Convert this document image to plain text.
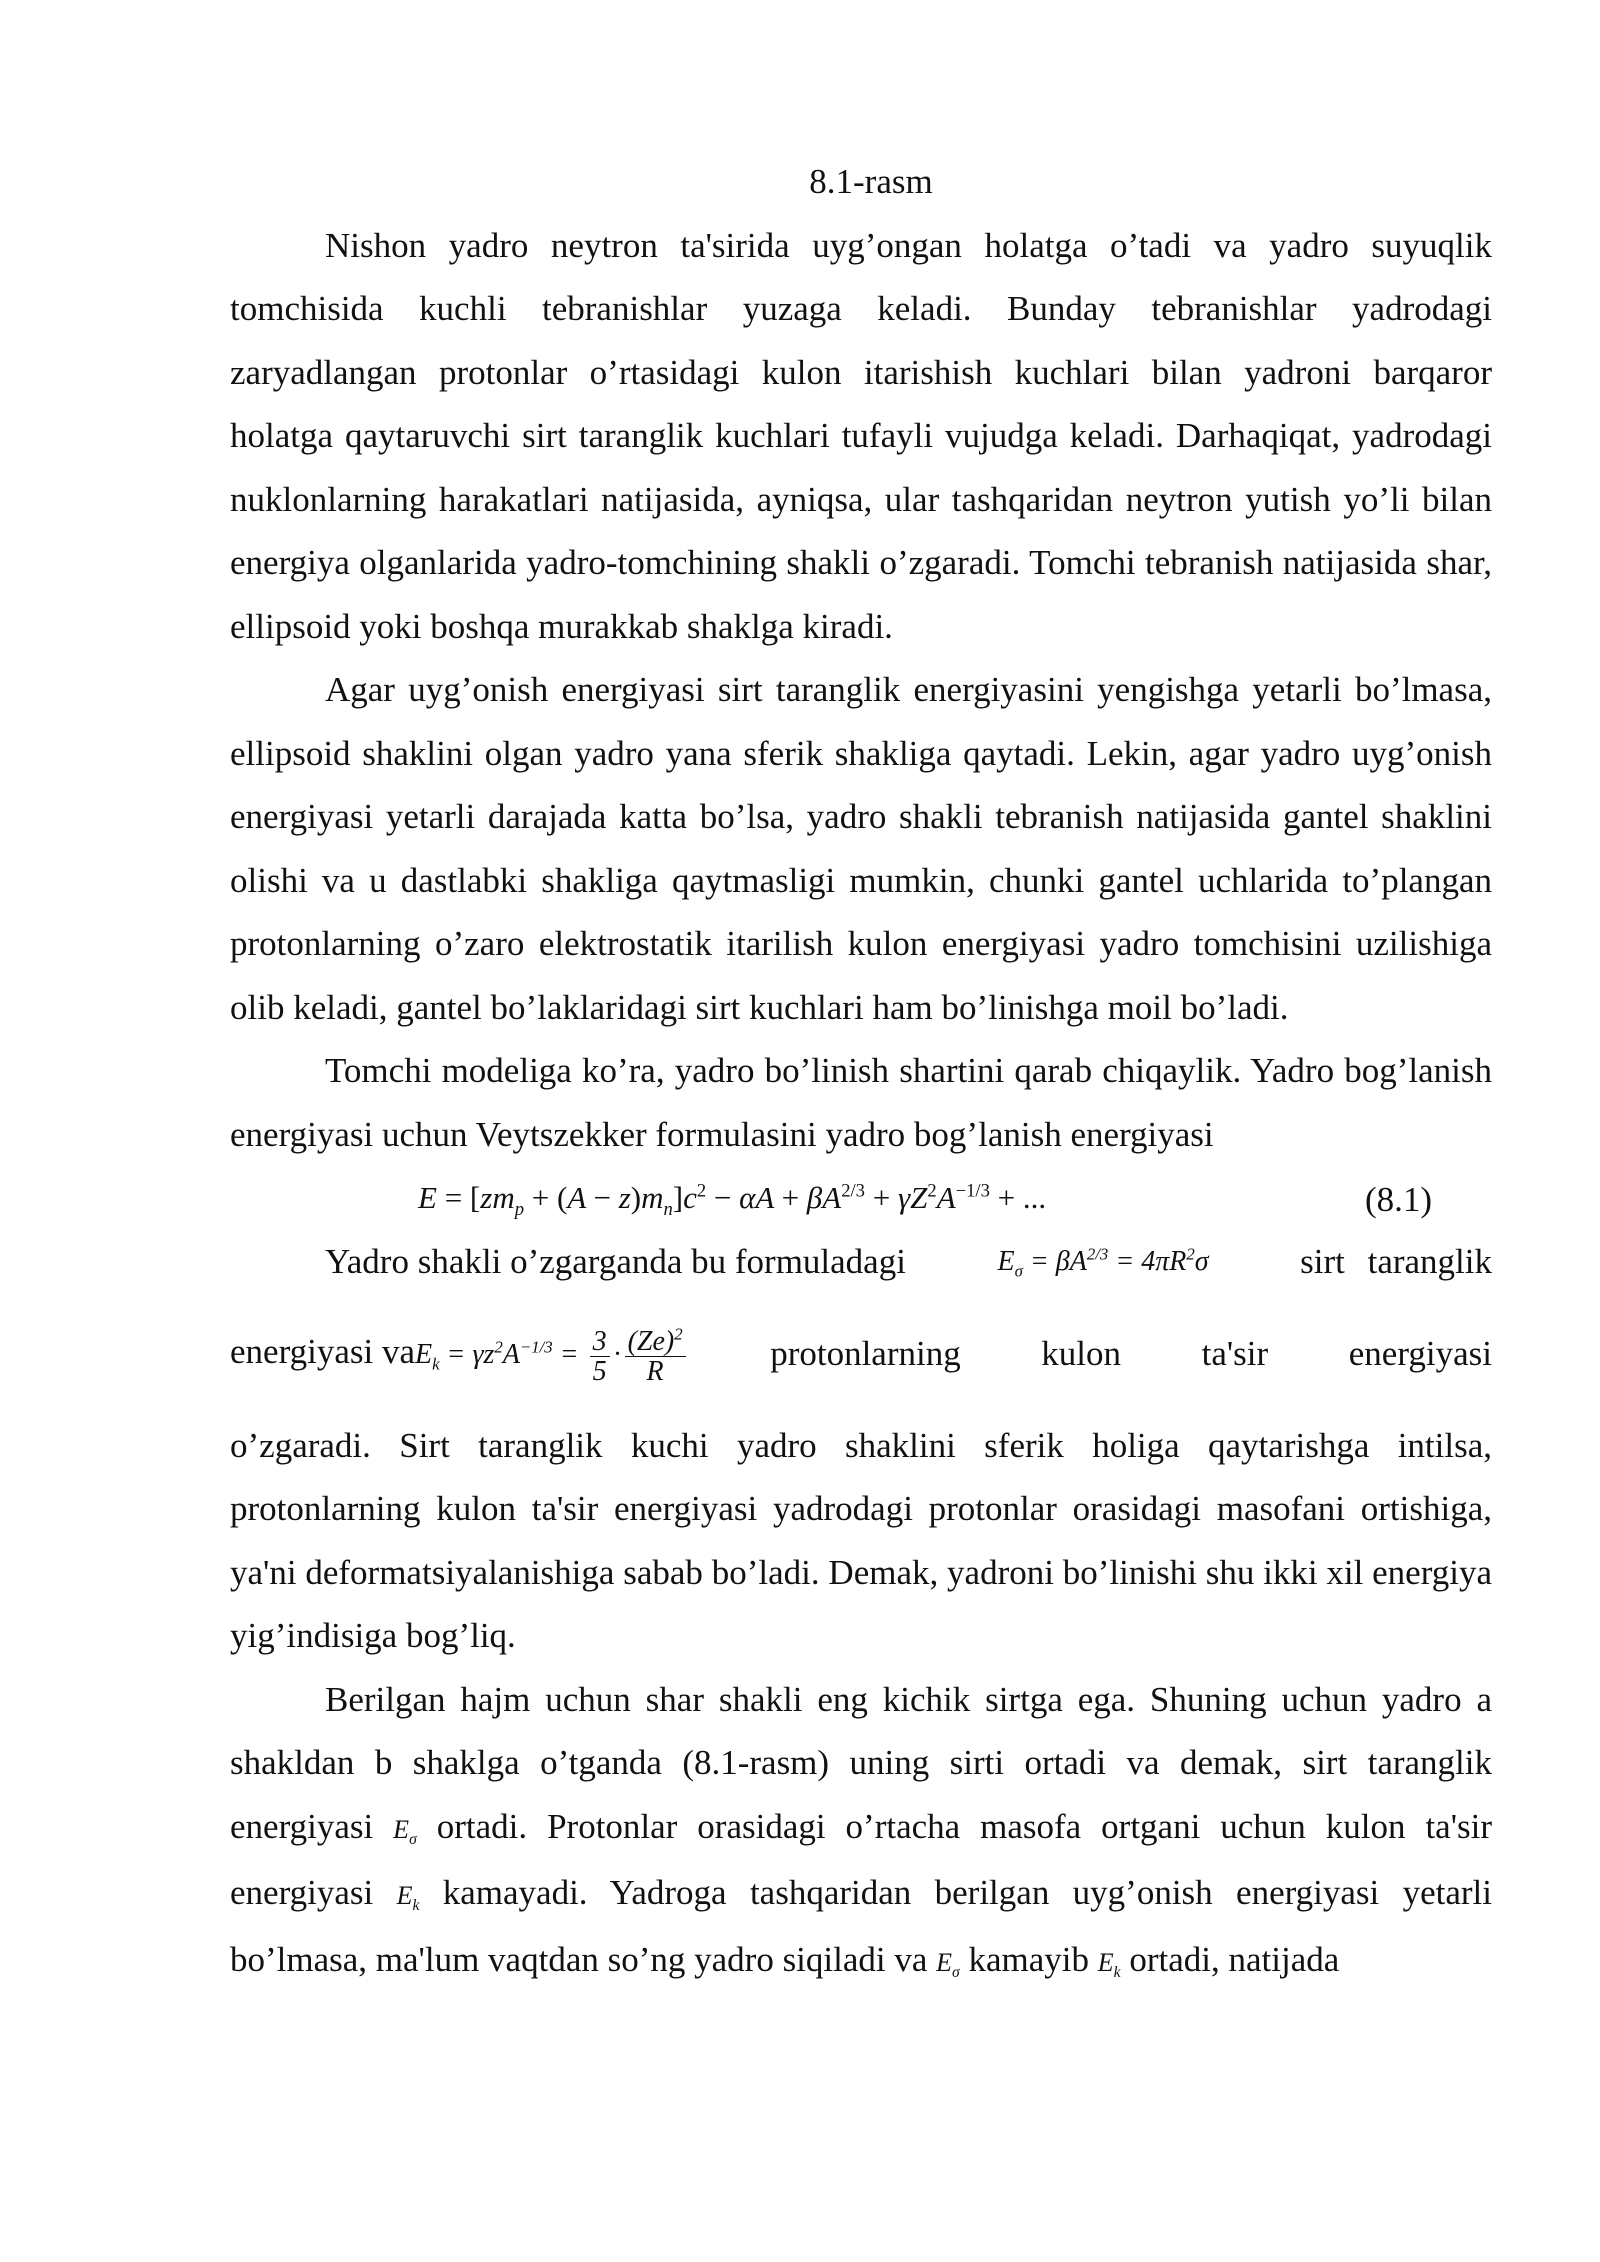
8.1-rasm

Nishon yadro neytron ta'sirida uyg’ongan holatga o’tadi va yadro suyuqlik tomchisida kuchli tebranishlar yuzaga keladi. Bunday tebranishlar yadrodagi zaryadlangan protonlar o’rtasidagi kulon itarishish kuchlari bilan yadroni barqaror holatga qaytaruvchi sirt taranglik kuchlari tufayli vujudga keladi. Darhaqiqat, yadrodagi nuklonlarning harakatlari natijasida, ayniqsa, ular tashqaridan neytron yutish yo’li bilan energiya olganlarida yadro-tomchining shakli o’zgaradi. Tomchi tebranish natijasida shar, ellipsoid yoki boshqa murakkab shaklga kiradi.

Agar uyg’onish energiyasi sirt taranglik energiyasini yengishga yetarli bo’lmasa, ellipsoid shaklini olgan yadro yana sferik shakliga qaytadi. Lekin, agar yadro uyg’onish energiyasi yetarli darajada katta bo’lsa, yadro shakli tebranish natijasida gantel shaklini olishi va u dastlabki shakliga qaytmasligi mumkin, chunki gantel uchlarida to’plangan protonlarning o’zaro elektrostatik itarilish kulon energiyasi yadro tomchisini uzilishiga olib keladi, gantel bo’laklaridagi sirt kuchlari ham bo’linishga moil bo’ladi.

Tomchi modeliga ko’ra, yadro bo’linish shartini qarab chiqaylik. Yadro bog’lanish energiyasi uchun Veytszekker formulasini yadro bog’lanish energiyasi

$E = [zm_p + (A - z)m_n]c^2 - \alpha A + \beta A^{2/3} + \gamma Z^2A^{-1/3}$ + ...	(8.1)
Yadro shakli o’zgarganda bu formuladagi	$E_\sigma = \beta A^{2/3} = 4\pi R^2\sigma$	sirt taranglik
energiyasi $vaE_k = \gamma z^2A^{-1/3} = \frac{3}{5} \cdot \frac{(Ze)^2}{R}$ protonlarning kulon ta'sir energiyasi

o’zgaradi. Sirt taranglik kuchi yadro shaklini sferik holiga qaytarishga intilsa, protonlarning kulon ta'sir energiyasi yadrodagi protonlar orasidagi masofani ortishiga, ya'ni deformatsiyalanishiga sabab bo’ladi. Demak, yadroni bo’linishi shu ikki xil energiya yig’indisiga bog’liq.

Berilgan hajm uchun shar shakli eng kichik sirtga ega. Shuning uchun yadro a shakldan b shaklga o’tganda (8.1-rasm) uning sirti ortadi va demak, sirt taranglik energiyasi $E_\sigma$ ortadi. Protonlar orasidagi o’rtacha masofa ortgani uchun kulon ta'sir energiyasi $E_k$ kamayadi. Yadroga tashqaridan berilgan uyg’onish energiyasi yetarli bo’lmasa, ma'lum vaqtdan so’ng yadro siqiladi va $E_\sigma$ kamayib $E_k$ ortadi, natijada
